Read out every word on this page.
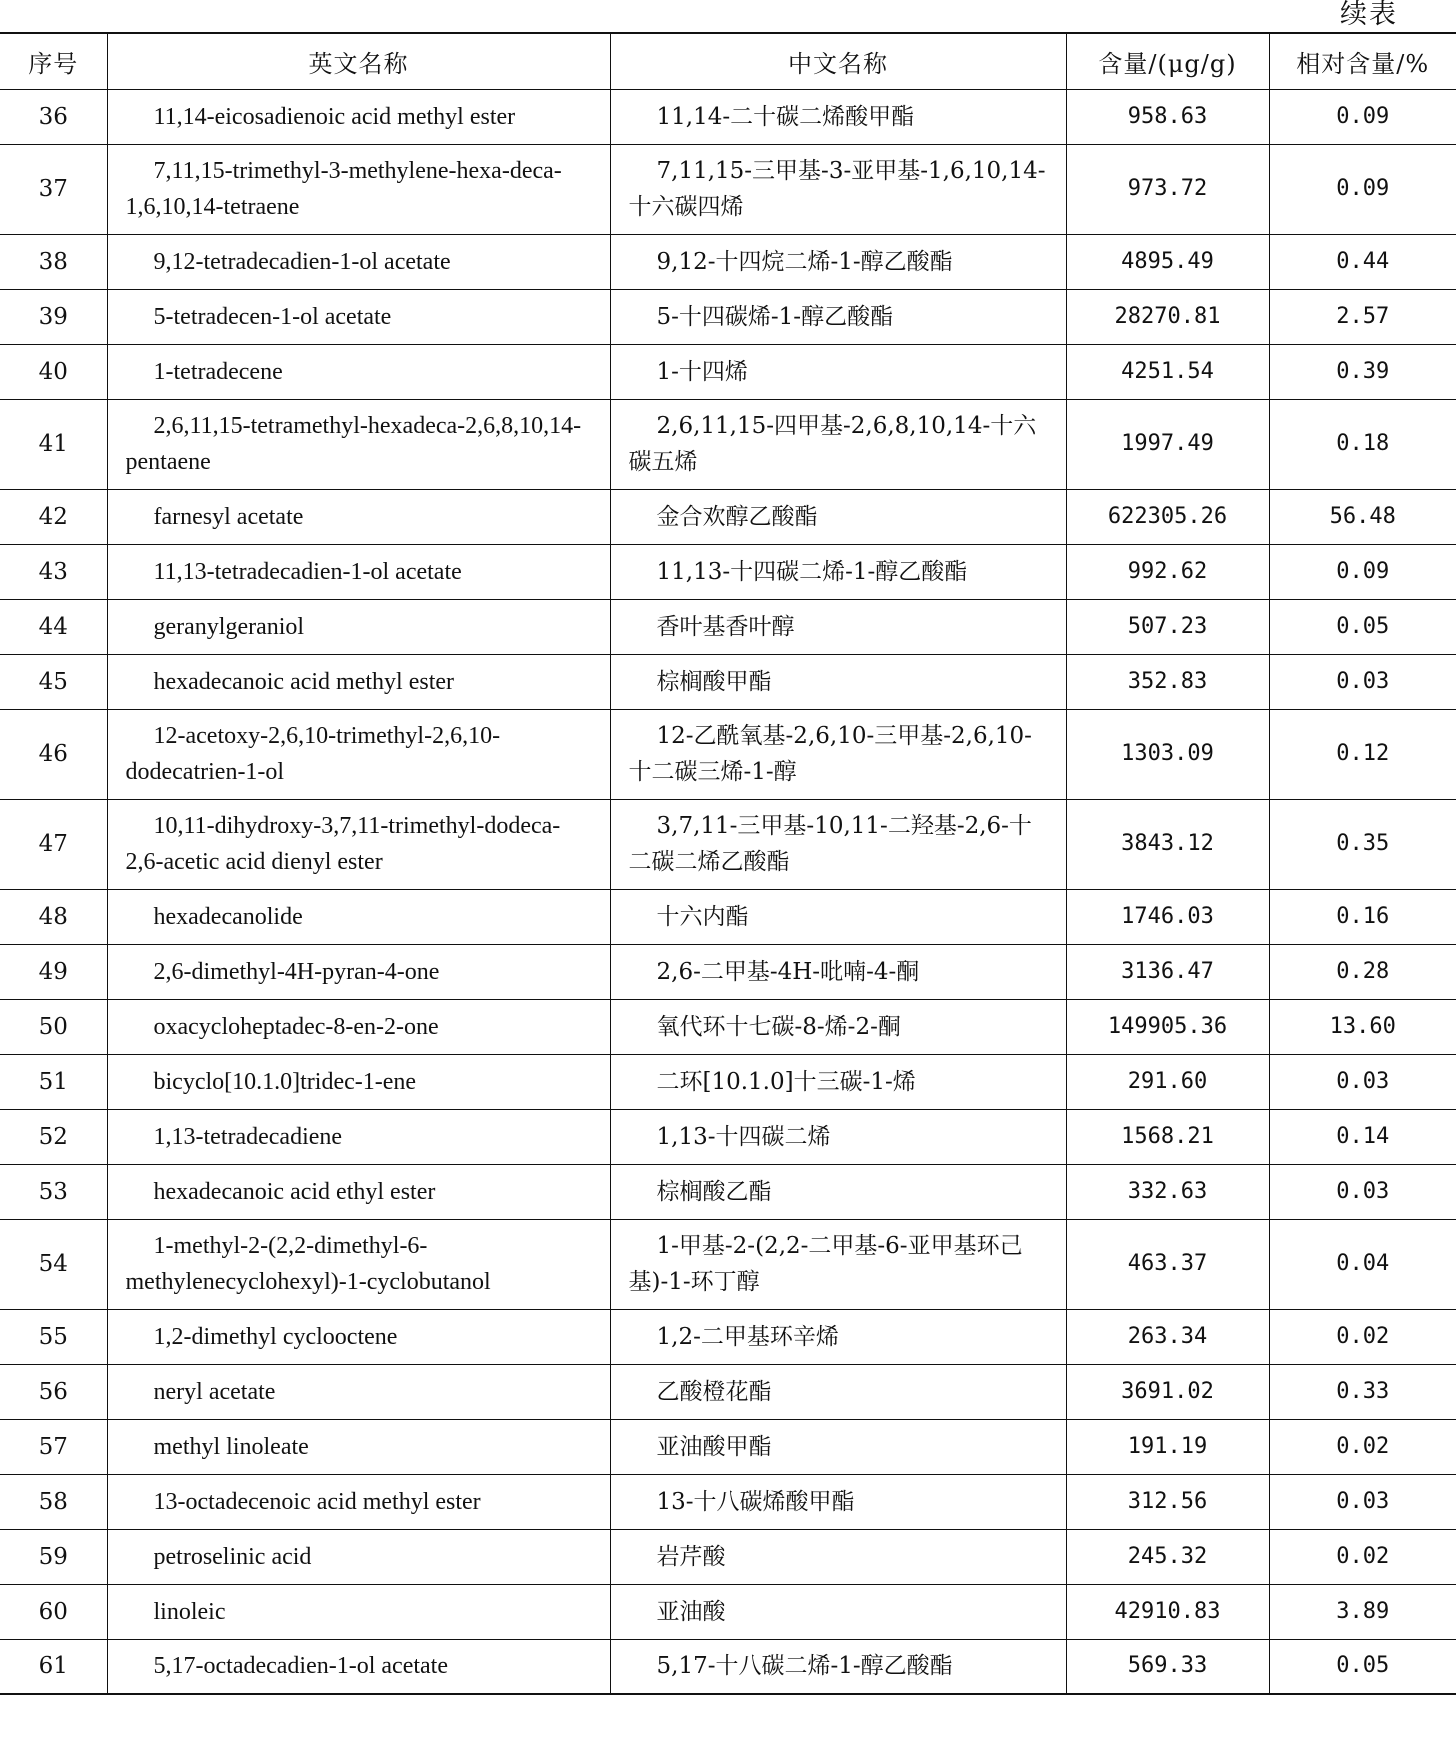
续表
序号	英文名称	中文名称	含量/(μg/g)	相对含量/%
36	11,14-eicosadienoic acid methyl ester	11,14-二十碳二烯酸甲酯	958.63	0.09
37	7,11,15-trimethyl-3-methylene-hexa-deca-1,6,10,14-tetraene	7,11,15-三甲基-3-亚甲基-1,6,10,14-十六碳四烯	973.72	0.09
38	9,12-tetradecadien-1-ol acetate	9,12-十四烷二烯-1-醇乙酸酯	4895.49	0.44
39	5-tetradecen-1-ol acetate	5-十四碳烯-1-醇乙酸酯	28270.81	2.57
40	1-tetradecene	1-十四烯	4251.54	0.39
41	2,6,11,15-tetramethyl-hexadeca-2,6,8,10,14-pentaene	2,6,11,15-四甲基-2,6,8,10,14-十六碳五烯	1997.49	0.18
42	farnesyl acetate	金合欢醇乙酸酯	622305.26	56.48
43	11,13-tetradecadien-1-ol acetate	11,13-十四碳二烯-1-醇乙酸酯	992.62	0.09
44	geranylgeraniol	香叶基香叶醇	507.23	0.05
45	hexadecanoic acid methyl ester	棕榈酸甲酯	352.83	0.03
46	12-acetoxy-2,6,10-trimethyl-2,6,10-dodecatrien-1-ol	12-乙酰氧基-2,6,10-三甲基-2,6,10-十二碳三烯-1-醇	1303.09	0.12
47	10,11-dihydroxy-3,7,11-trimethyl-dodeca-2,6-acetic acid dienyl ester	3,7,11-三甲基-10,11-二羟基-2,6-十二碳二烯乙酸酯	3843.12	0.35
48	hexadecanolide	十六内酯	1746.03	0.16
49	2,6-dimethyl-4H-pyran-4-one	2,6-二甲基-4H-吡喃-4-酮	3136.47	0.28
50	oxacycloheptadec-8-en-2-one	氧代环十七碳-8-烯-2-酮	149905.36	13.60
51	bicyclo[10.1.0]tridec-1-ene	二环[10.1.0]十三碳-1-烯	291.60	0.03
52	1,13-tetradecadiene	1,13-十四碳二烯	1568.21	0.14
53	hexadecanoic acid ethyl ester	棕榈酸乙酯	332.63	0.03
54	1-methyl-2-(2,2-dimethyl-6-methylenecyclohexyl)-1-cyclobutanol	1-甲基-2-(2,2-二甲基-6-亚甲基环己基)-1-环丁醇	463.37	0.04
55	1,2-dimethyl cyclooctene	1,2-二甲基环辛烯	263.34	0.02
56	neryl acetate	乙酸橙花酯	3691.02	0.33
57	methyl linoleate	亚油酸甲酯	191.19	0.02
58	13-octadecenoic acid methyl ester	13-十八碳烯酸甲酯	312.56	0.03
59	petroselinic acid	岩芹酸	245.32	0.02
60	linoleic	亚油酸	42910.83	3.89
61	5,17-octadecadien-1-ol acetate	5,17-十八碳二烯-1-醇乙酸酯	569.33	0.05
